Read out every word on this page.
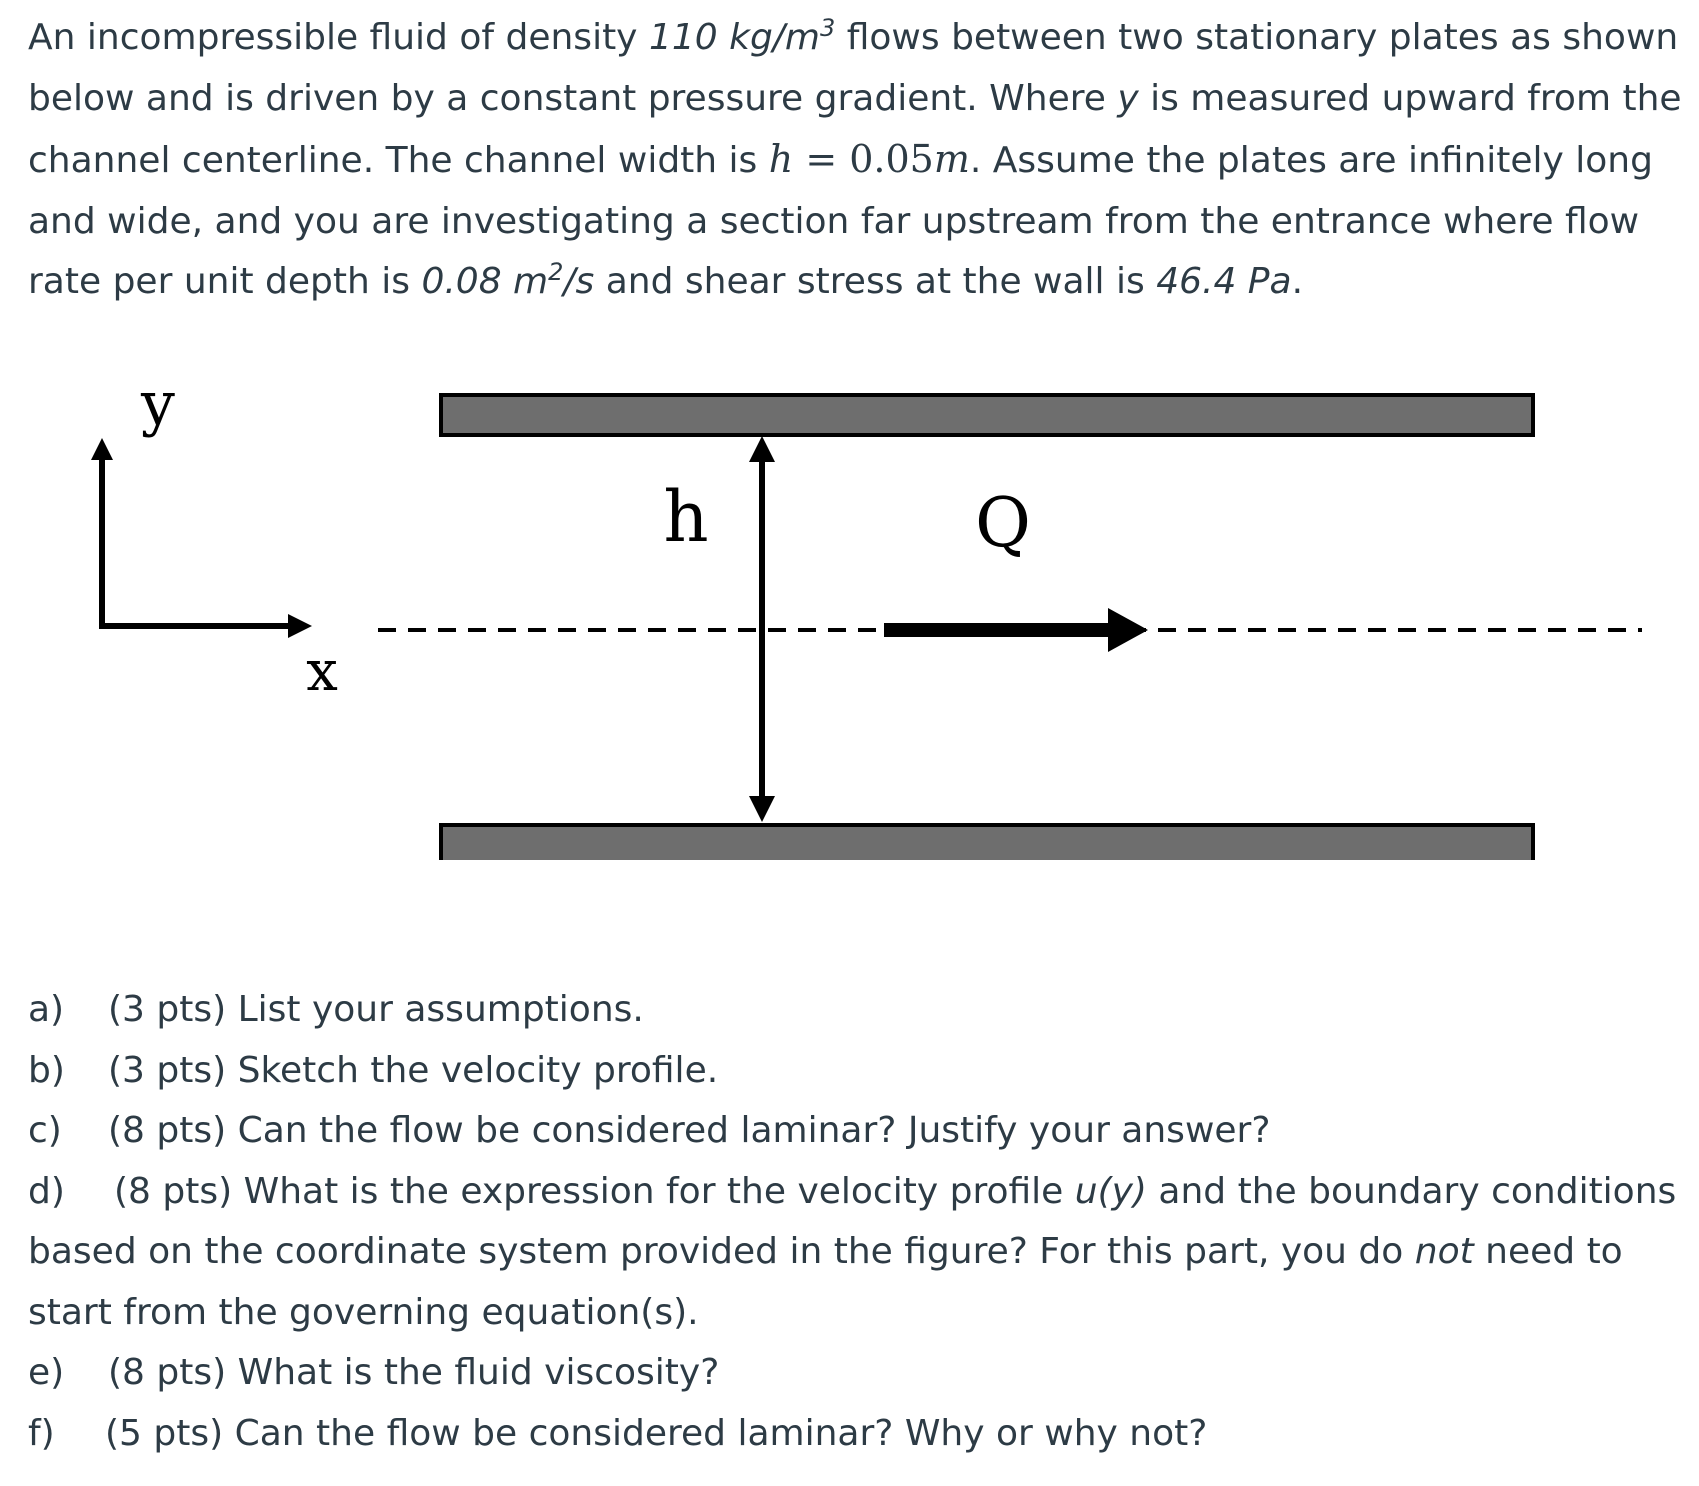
An incompressible fluid of density 110 $kg/m^3$ flows between two stationary plates as shown below and is driven by a constant pressure gradient. Where y is measured upward from the channel centerline. The channel width is h = 0.05m. Assume the plates are infinitely long and wide, and you are investigating a section far upstream from the entrance where flow rate per unit depth is 0.08 $m^2/s$ and shear stress at the wall is 46.4 Pa.

y
x
h	Q
a) (3 pts) List your assumptions.
b) (3 pts) Sketch the velocity profile.
c) (8 pts) Can the flow be considered laminar? Justify your answer?
d) (8 pts) What is the expression for the velocity profile u(y) and the boundary conditions based on the coordinate system provided in the figure? For this part, you do not need to start from the governing equation(s).
e) (8 pts) What is the fluid viscosity?
f) (5 pts) Can the flow be considered laminar? Why or why not?
